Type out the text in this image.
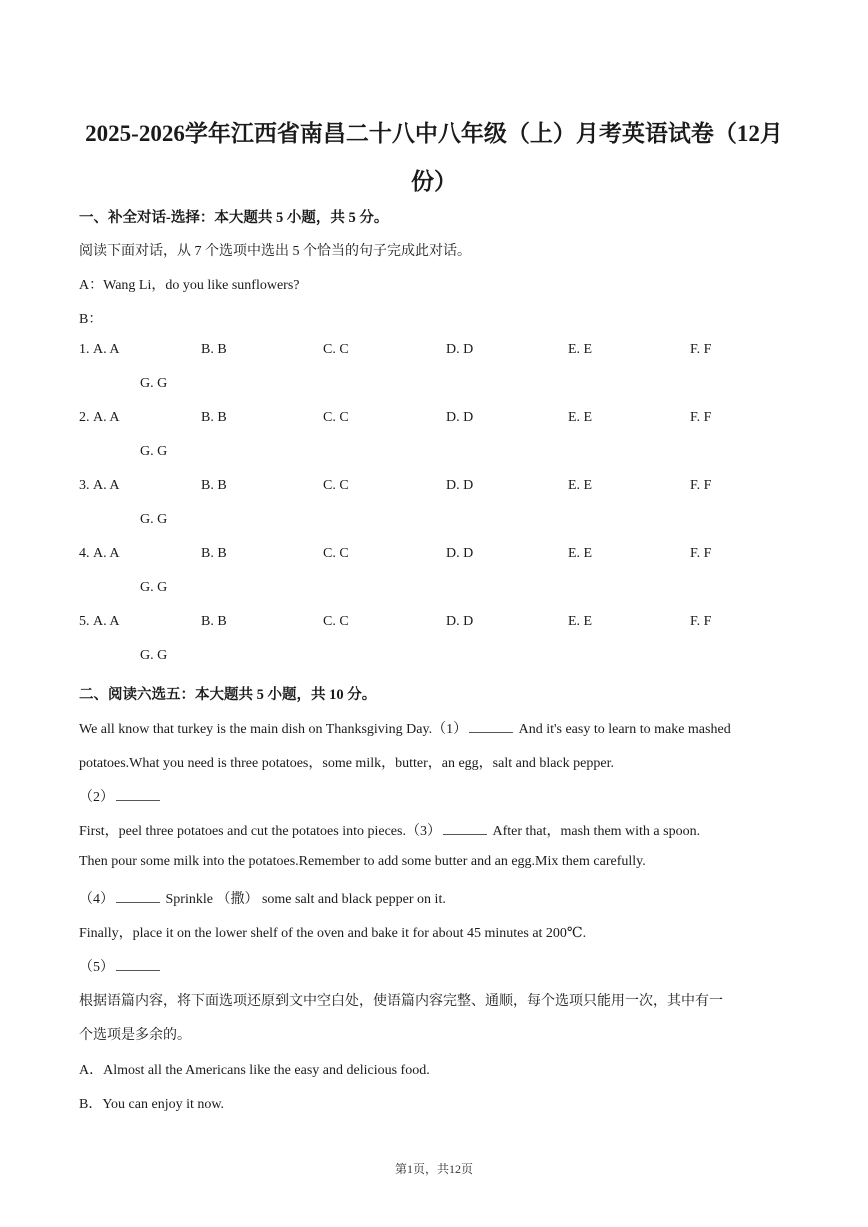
2025-2026学年江西省南昌二十八中八年级（上）月考英语试卷（12月份）
一、补全对话-选择：本大题共 5 小题，共 5 分。
阅读下面对话，从 7 个选项中选出 5 个恰当的句子完成此对话。
A：Wang Li，do you like sunflowers?
B：
1. A. A	B. B	C. C	D. D	E. E	F. F
G. G
2. A. A	B. B	C. C	D. D	E. E	F. F
G. G
3. A. A	B. B	C. C	D. D	E. E	F. F
G. G
4. A. A	B. B	C. C	D. D	E. E	F. F
G. G
5. A. A	B. B	C. C	D. D	E. E	F. F
G. G
二、阅读六选五：本大题共 5 小题，共 10 分。
We all know that turkey is the main dish on Thanksgiving Day.（1）	And it's easy to learn to make mashed
potatoes.What you need is three potatoes，some milk，butter，an egg，salt and black pepper.
（2）
First，peel three potatoes and cut the potatoes into pieces.（3）	After that，mash them with a spoon.
Then pour some milk into the potatoes.Remember to add some butter and an egg.Mix them carefully.
（4）	Sprinkle （撒） some salt and black pepper on it.
Finally，place it on the lower shelf of the oven and bake it for about 45 minutes at 200℃.
（5）
根据语篇内容，将下面选项还原到文中空白处，使语篇内容完整、通顺，每个选项只能用一次，其中有一
个选项是多余的。
A．Almost all the Americans like the easy and delicious food.
B．You can enjoy it now.
第1页，共12页
